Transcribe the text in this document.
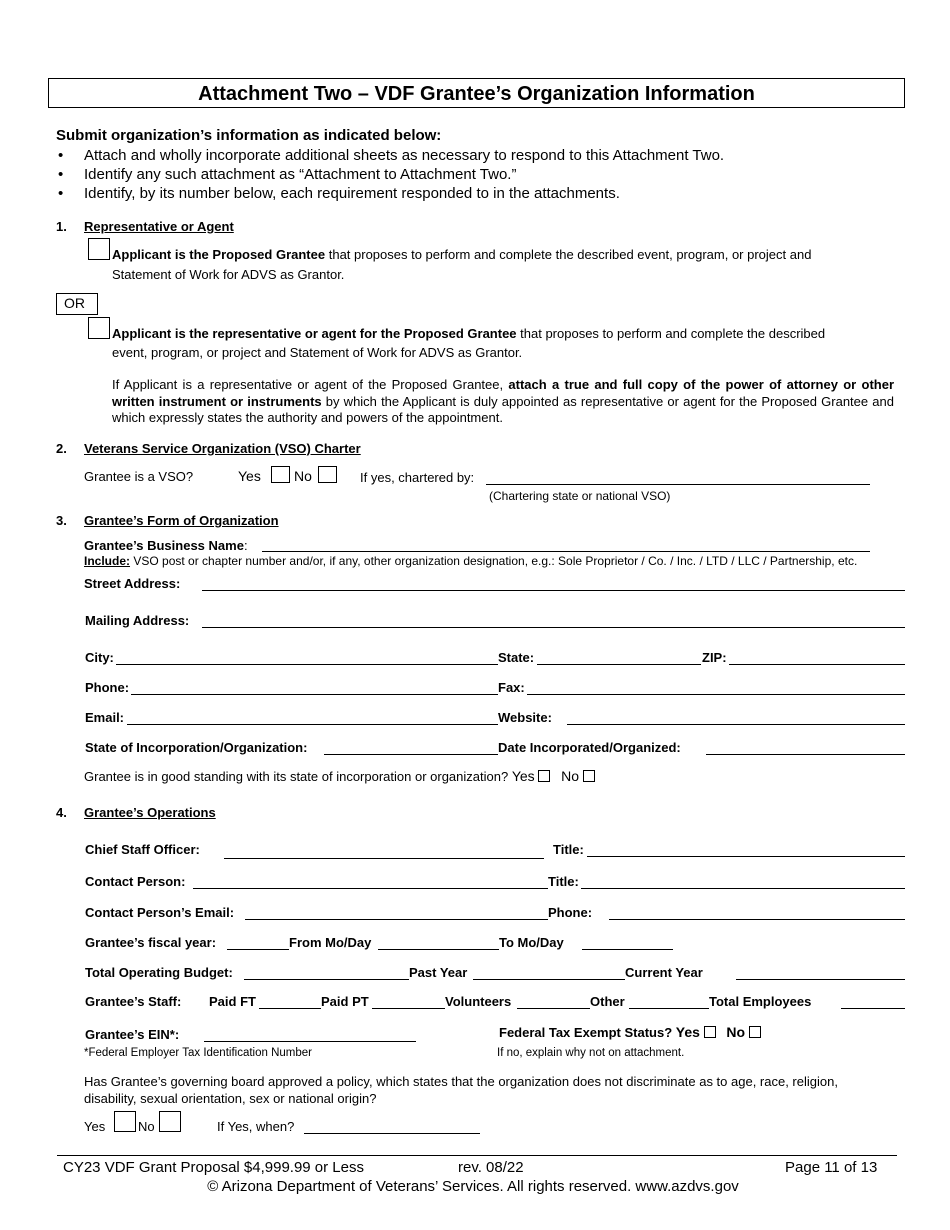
Attachment Two – VDF Grantee’s Organization Information
Submit organization’s information as indicated below:
• Attach and wholly incorporate additional sheets as necessary to respond to this Attachment Two.
• Identify any such attachment as “Attachment to Attachment Two.”
• Identify, by its number below, each requirement responded to in the attachments.
1. Representative or Agent
Applicant is the Proposed Grantee that proposes to perform and complete the described event, program, or project and
Statement of Work for ADVS as Grantor.
OR
Applicant is the representative or agent for the Proposed Grantee that proposes to perform and complete the described
event, program, or project and Statement of Work for ADVS as Grantor.
If Applicant is a representative or agent of the Proposed Grantee, attach a true and full copy of the power of attorney or other written instrument or instruments by which the Applicant is duly appointed as representative or agent for the Proposed Grantee and which expressly states the authority and powers of the appointment.
2. Veterans Service Organization (VSO) Charter
Grantee is a VSO?	Yes No	If yes, chartered by:
(Chartering state or national VSO)
3. Grantee’s Form of Organization
Grantee’s Business Name:
Include: VSO post or chapter number and/or, if any, other organization designation, e.g.: Sole Proprietor / Co. / Inc. / LTD / LLC / Partnership, etc.
Street Address:
Mailing Address:
City:	State:	ZIP:
Phone:	Fax:
Email:	Website:
State of Incorporation/Organization:	Date Incorporated/Organized:
Grantee is in good standing with its state of incorporation or organization? Yes No
4. Grantee’s Operations
Chief Staff Officer:	Title:
Contact Person:	Title:
Contact Person’s Email:	Phone:
Grantee’s fiscal year:	From Mo/Day	To Mo/Day
Total Operating Budget:	Past Year	Current Year
Grantee’s Staff: Paid FT	Paid PT	Volunteers	Other	Total Employees
Grantee’s EIN*:
*Federal Employer Tax Identification Number
Federal Tax Exempt Status? Yes No
If no, explain why not on attachment.
Has Grantee’s governing board approved a policy, which states that the organization does not discriminate as to age, race, religion, disability, sexual orientation, sex or national origin?
Yes	No	If Yes, when?
CY23 VDF Grant Proposal $4,999.99 or Less	rev. 08/22	Page 11 of 13
© Arizona Department of Veterans’ Services. All rights reserved. www.azdvs.gov
